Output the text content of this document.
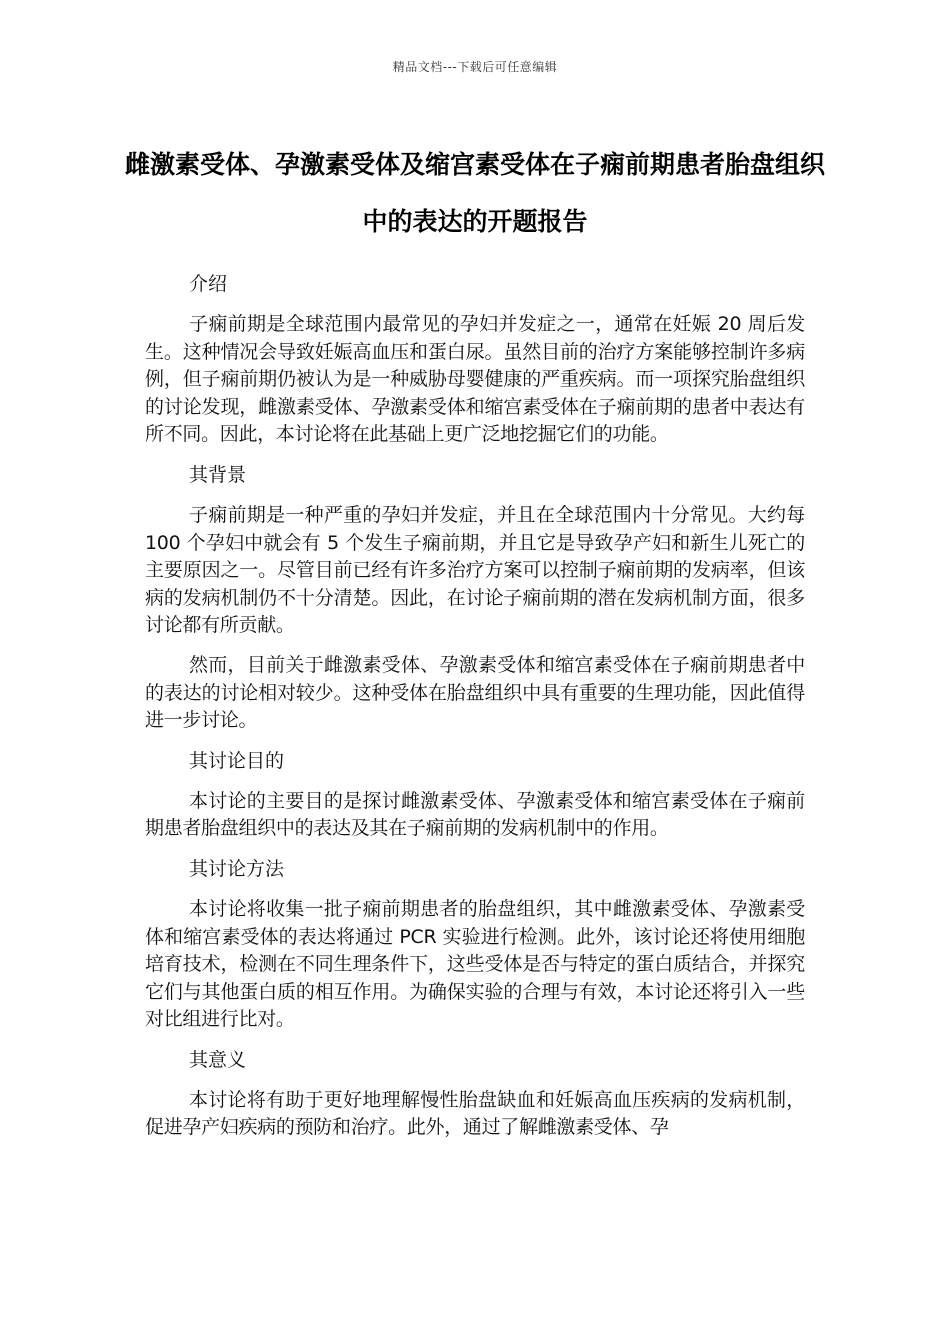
精品文档---下载后可任意编辑
雌激素受体、孕激素受体及缩宫素受体在子痫前期患者胎盘组织中的表达的开题报告
介绍

子痫前期是全球范围内最常见的孕妇并发症之一，通常在妊娠 20 周后发生。这种情况会导致妊娠高血压和蛋白尿。虽然目前的治疗方案能够控制许多病例，但子痫前期仍被认为是一种威胁母婴健康的严重疾病。而一项探究胎盘组织的讨论发现，雌激素受体、孕激素受体和缩宫素受体在子痫前期的患者中表达有所不同。因此，本讨论将在此基础上更广泛地挖掘它们的功能。

其背景

子痫前期是一种严重的孕妇并发症，并且在全球范围内十分常见。大约每 100 个孕妇中就会有 5 个发生子痫前期，并且它是导致孕产妇和新生儿死亡的主要原因之一。尽管目前已经有许多治疗方案可以控制子痫前期的发病率，但该病的发病机制仍不十分清楚。因此，在讨论子痫前期的潜在发病机制方面，很多讨论都有所贡献。

然而，目前关于雌激素受体、孕激素受体和缩宫素受体在子痫前期患者中的表达的讨论相对较少。这种受体在胎盘组织中具有重要的生理功能，因此值得进一步讨论。

其讨论目的

本讨论的主要目的是探讨雌激素受体、孕激素受体和缩宫素受体在子痫前期患者胎盘组织中的表达及其在子痫前期的发病机制中的作用。

其讨论方法

本讨论将收集一批子痫前期患者的胎盘组织，其中雌激素受体、孕激素受体和缩宫素受体的表达将通过 PCR 实验进行检测。此外，该讨论还将使用细胞培育技术，检测在不同生理条件下，这些受体是否与特定的蛋白质结合，并探究它们与其他蛋白质的相互作用。为确保实验的合理与有效，本讨论还将引入一些对比组进行比对。

其意义

本讨论将有助于更好地理解慢性胎盘缺血和妊娠高血压疾病的发病机制，促进孕产妇疾病的预防和治疗。此外，通过了解雌激素受体、孕
